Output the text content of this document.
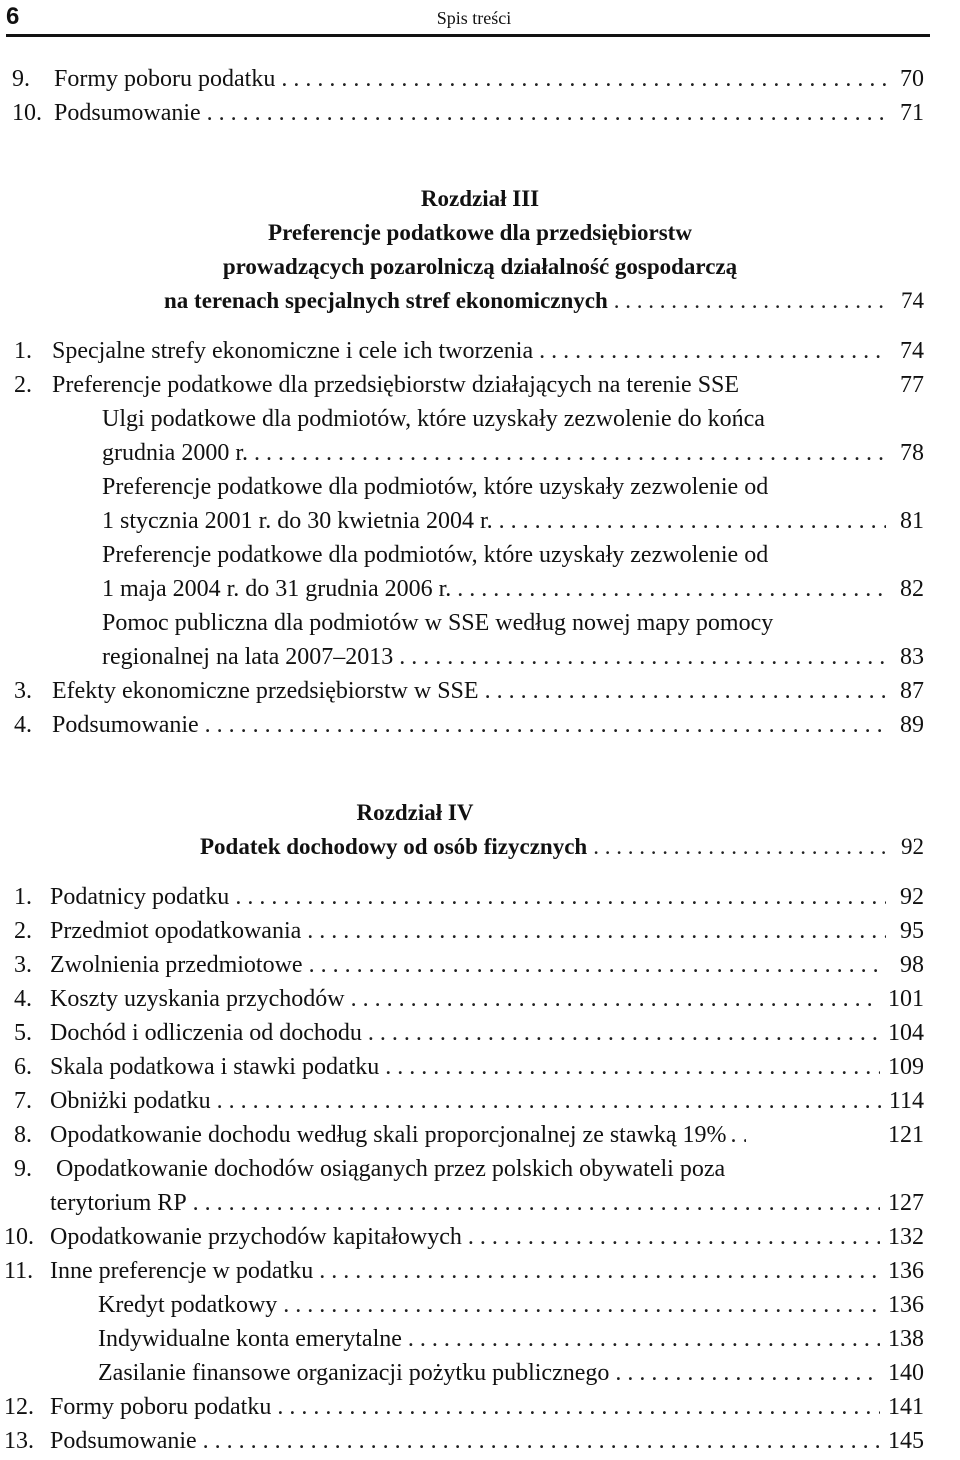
6	Spis treści
9.	Formy poboru podatku . . .	70
10. Podsumowanie . . .	71
Rozdział III
Preferencje podatkowe dla przedsiębiorstw
prowadzących pozarolniczą działalność gospodarczą
na terenach specjalnych stref ekonomicznych . . .	74
1. Specjalne strefy ekonomiczne i cele ich tworzenia . . .	74
2. Preferencje podatkowe dla przedsiębiorstw działających na terenie SSE	77
Ulgi podatkowe dla podmiotów, które uzyskały zezwolenie do końca
grudnia 2000 r. . . .	78
Preferencje podatkowe dla podmiotów, które uzyskały zezwolenie od
1 stycznia 2001 r. do 30 kwietnia 2004 r. . . .	81
Preferencje podatkowe dla podmiotów, które uzyskały zezwolenie od
1 maja 2004 r. do 31 grudnia 2006 r. . . .	82
Pomoc publiczna dla podmiotów w SSE według nowej mapy pomocy
regionalnej na lata 2007–2013 . . .	83
3. Efekty ekonomiczne przedsiębiorstw w SSE . . .	87
4. Podsumowanie . . .	89
Rozdział IV
Podatek dochodowy od osób fizycznych . . .	92
1. Podatnicy podatku . . .	92
2. Przedmiot opodatkowania . . .	95
3. Zwolnienia przedmiotowe . . .	98
4. Koszty uzyskania przychodów . . .	101
5. Dochód i odliczenia od dochodu . . .	104
6. Skala podatkowa i stawki podatku . . .	109
7. Obniżki podatku . . .	114
8. Opodatkowanie dochodu według skali proporcjonalnej ze stawką 19% . . .	121
9. Opodatkowanie dochodów osiąganych przez polskich obywateli poza
terytorium RP . . .	127
10. Opodatkowanie przychodów kapitałowych . . .	132
11. Inne preferencje w podatku . . .	136
Kredyt podatkowy . . .	136
Indywidualne konta emerytalne . . .	138
Zasilanie finansowe organizacji pożytku publicznego . . .	140
12. Formy poboru podatku . . .	141
13. Podsumowanie . . .	145
